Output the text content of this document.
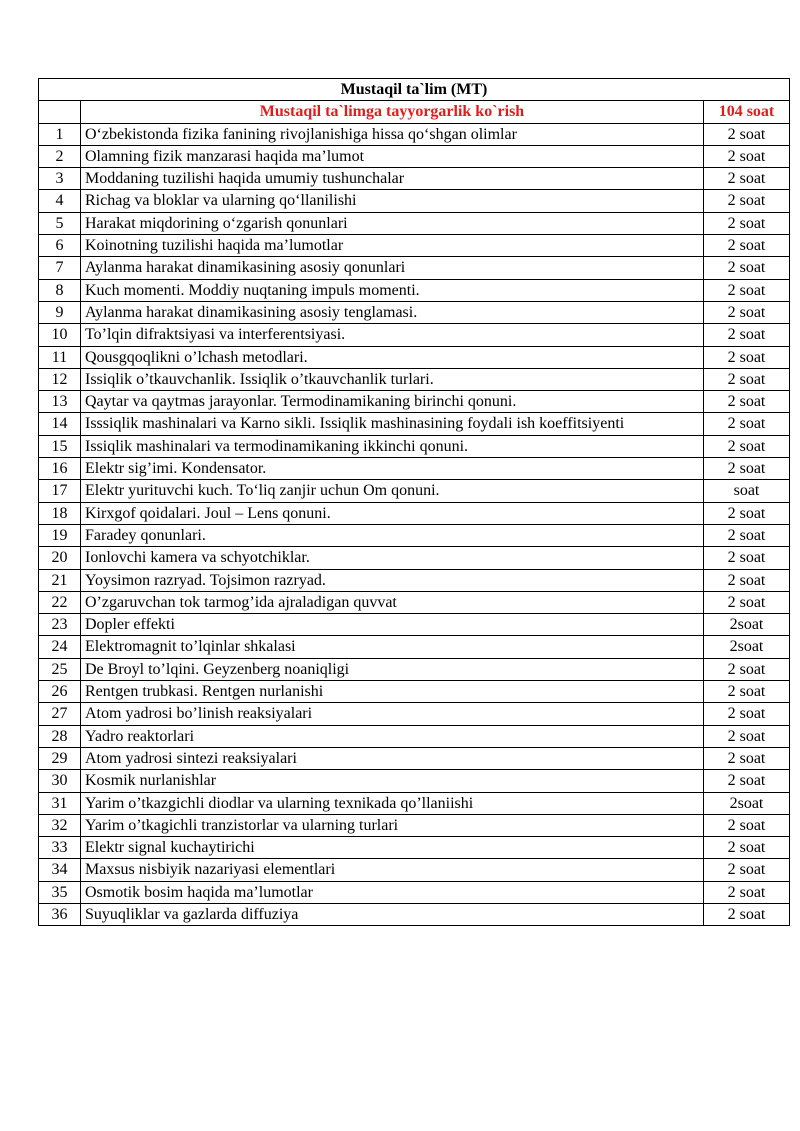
Mustaqil ta`lim (MT)		
	Mustaqil ta`limga tayyorgarlik ko`rish	104 soat
1	O‘zbekistonda fizika fanining rivojlanishiga hissa qo‘shgan olimlar	2 soat
2	Olamning fizik manzarasi haqida ma’lumot	2 soat
3	Moddaning tuzilishi haqida umumiy tushunchalar	2 soat
4	Richag va bloklar va ularning qo‘llanilishi	2 soat
5	Harakat miqdorining o‘zgarish qonunlari	2 soat
6	Koinotning tuzilishi haqida ma’lumotlar	2 soat
7	Aylanma harakat dinamikasining asosiy qonunlari	2 soat
8	Kuch momenti. Moddiy nuqtaning impuls momenti.	2 soat
9	Aylanma harakat dinamikasining asosiy tenglamasi.	2 soat
10	To’lqin difraktsiyasi va interferentsiyasi.	2 soat
11	Qousgqoqlikni o’lchash metodlari.	2 soat
12	Issiqlik o’tkauvchanlik. Issiqlik o’tkauvchanlik turlari.	2 soat
13	Qaytar va qaytmas jarayonlar. Termodinamikaning birinchi qonuni.	2 soat
14	Isssiqlik mashinalari va Karno sikli. Issiqlik mashinasining foydali ish koeffitsiyenti	2 soat
15	Issiqlik mashinalari va termodinamikaning ikkinchi qonuni.	2 soat
16	Elektr sig’imi. Kondensator.	2 soat
17	Elektr yurituvchi kuch. To‘liq zanjir uchun Om qonuni.	soat
18	Kirxgof qoidalari. Joul – Lens qonuni.	2 soat
19	Faradey qonunlari.	2 soat
20	Ionlovchi kamera va schyotchiklar.	2 soat
21	Yoysimon razryad. Tojsimon razryad.	2 soat
22	O’zgaruvchan tok tarmog’ida ajraladigan quvvat	2 soat
23	Dopler effekti	2soat
24	Elektromagnit to’lqinlar shkalasi	2soat
25	De Broyl to’lqini. Geyzenberg noaniqligi	2 soat
26	Rentgen trubkasi. Rentgen nurlanishi	2 soat
27	Atom yadrosi bo’linish reaksiyalari	2 soat
28	Yadro reaktorlari	2 soat
29	Atom yadrosi sintezi reaksiyalari	2 soat
30	Kosmik nurlanishlar	2 soat
31	Yarim o’tkazgichli diodlar va ularning texnikada qo’llaniishi	2soat
32	Yarim o’tkagichli tranzistorlar va ularning turlari	2 soat
33	Elektr signal kuchaytirichi	2 soat
34	Maxsus nisbiyik nazariyasi elementlari	2 soat
35	Osmotik bosim haqida ma’lumotlar	2 soat
36	Suyuqliklar va gazlarda diffuziya	2 soat
